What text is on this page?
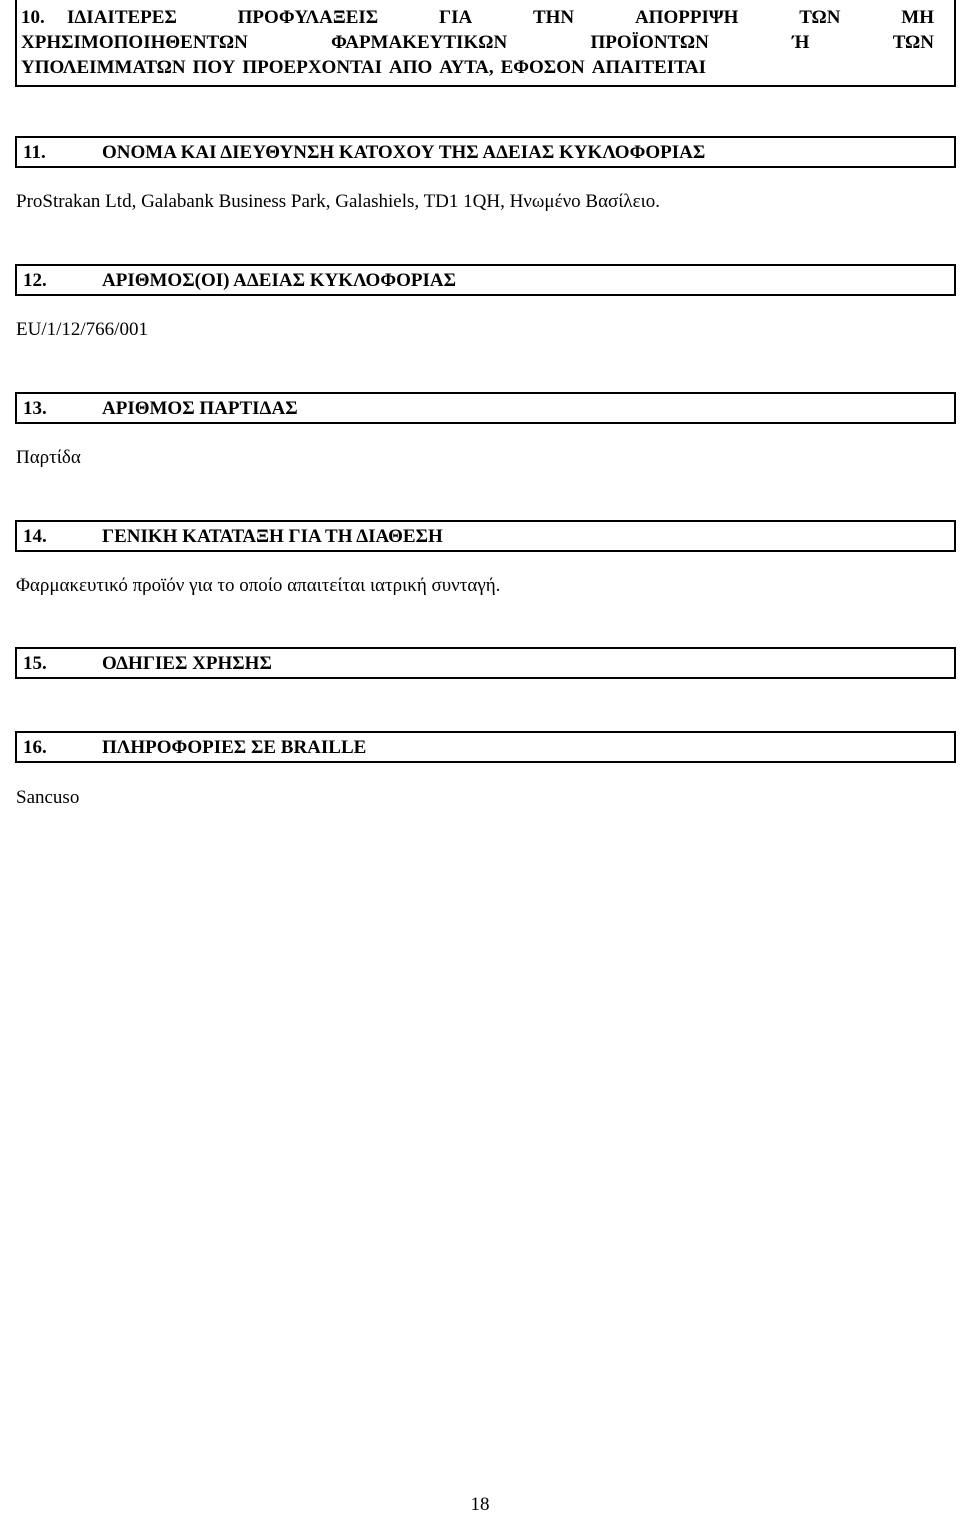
10. ΙΔΙΑΙΤΕΡΕΣ	ΠΡΟΦΥΛΑΞΕΙΣ	ΓΙΑ	ΤΗΝ	ΑΠΟΡΡΙΨΗ	ΤΩΝ	ΜΗ
ΧΡΗΣΙΜΟΠΟΙΗΘΕΝΤΩΝ	ΦΑΡΜΑΚΕΥΤΙΚΩΝ	ΠΡΟΪΟΝΤΩΝ	Ή	ΤΩΝ
ΥΠΟΛΕΙΜΜΑΤΩΝ ΠΟΥ ΠΡΟΕΡΧΟΝΤΑΙ ΑΠΟ ΑΥΤΑ, ΕΦΟΣΟΝ ΑΠΑΙΤΕΙΤΑΙ
11.	ΟΝΟΜΑ ΚΑΙ ΔΙΕΥΘΥΝΣΗ ΚΑΤΟΧΟΥ ΤΗΣ ΑΔΕΙΑΣ ΚΥΚΛΟΦΟΡΙΑΣ
ProStrakan Ltd, Galabank Business Park, Galashiels, TD1 1QH, Ηνωμένο Βασίλειο.
12.	ΑΡΙΘΜΟΣ(ΟΙ) ΑΔΕΙΑΣ ΚΥΚΛΟΦΟΡΙΑΣ
EU/1/12/766/001
13.	ΑΡΙΘΜΟΣ ΠΑΡΤΙΔΑΣ
Παρτίδα
14.	ΓΕΝΙΚΗ ΚΑΤΑΤΑΞΗ ΓΙΑ ΤΗ ΔΙΑΘΕΣΗ
Φαρμακευτικό προϊόν για το οποίο απαιτείται ιατρική συνταγή.
15.	ΟΔΗΓΙΕΣ ΧΡΗΣΗΣ
16.	ΠΛΗΡΟΦΟΡΙΕΣ ΣΕ BRAILLE
Sancuso
18
